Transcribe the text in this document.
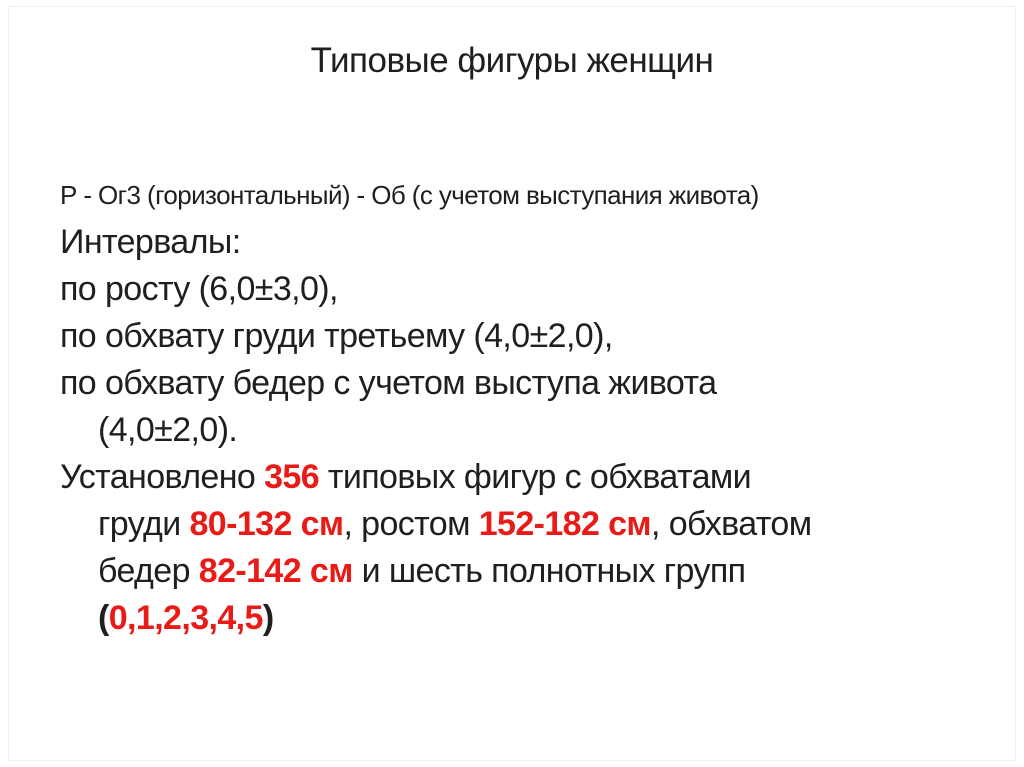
Типовые фигуры женщин
Р - Ог3 (горизонтальный) - Об (с учетом выступания живота)
Интервалы:
по росту (6,0±3,0),
по обхвату груди третьему (4,0±2,0),
по обхвату бедер с учетом выступа живота
(4,0±2,0).
Установлено 356 типовых фигур с обхватами
груди 80-132 см, ростом 152-182 см, обхватом
бедер 82-142 см и шесть полнотных групп
(0,1,2,3,4,5)
